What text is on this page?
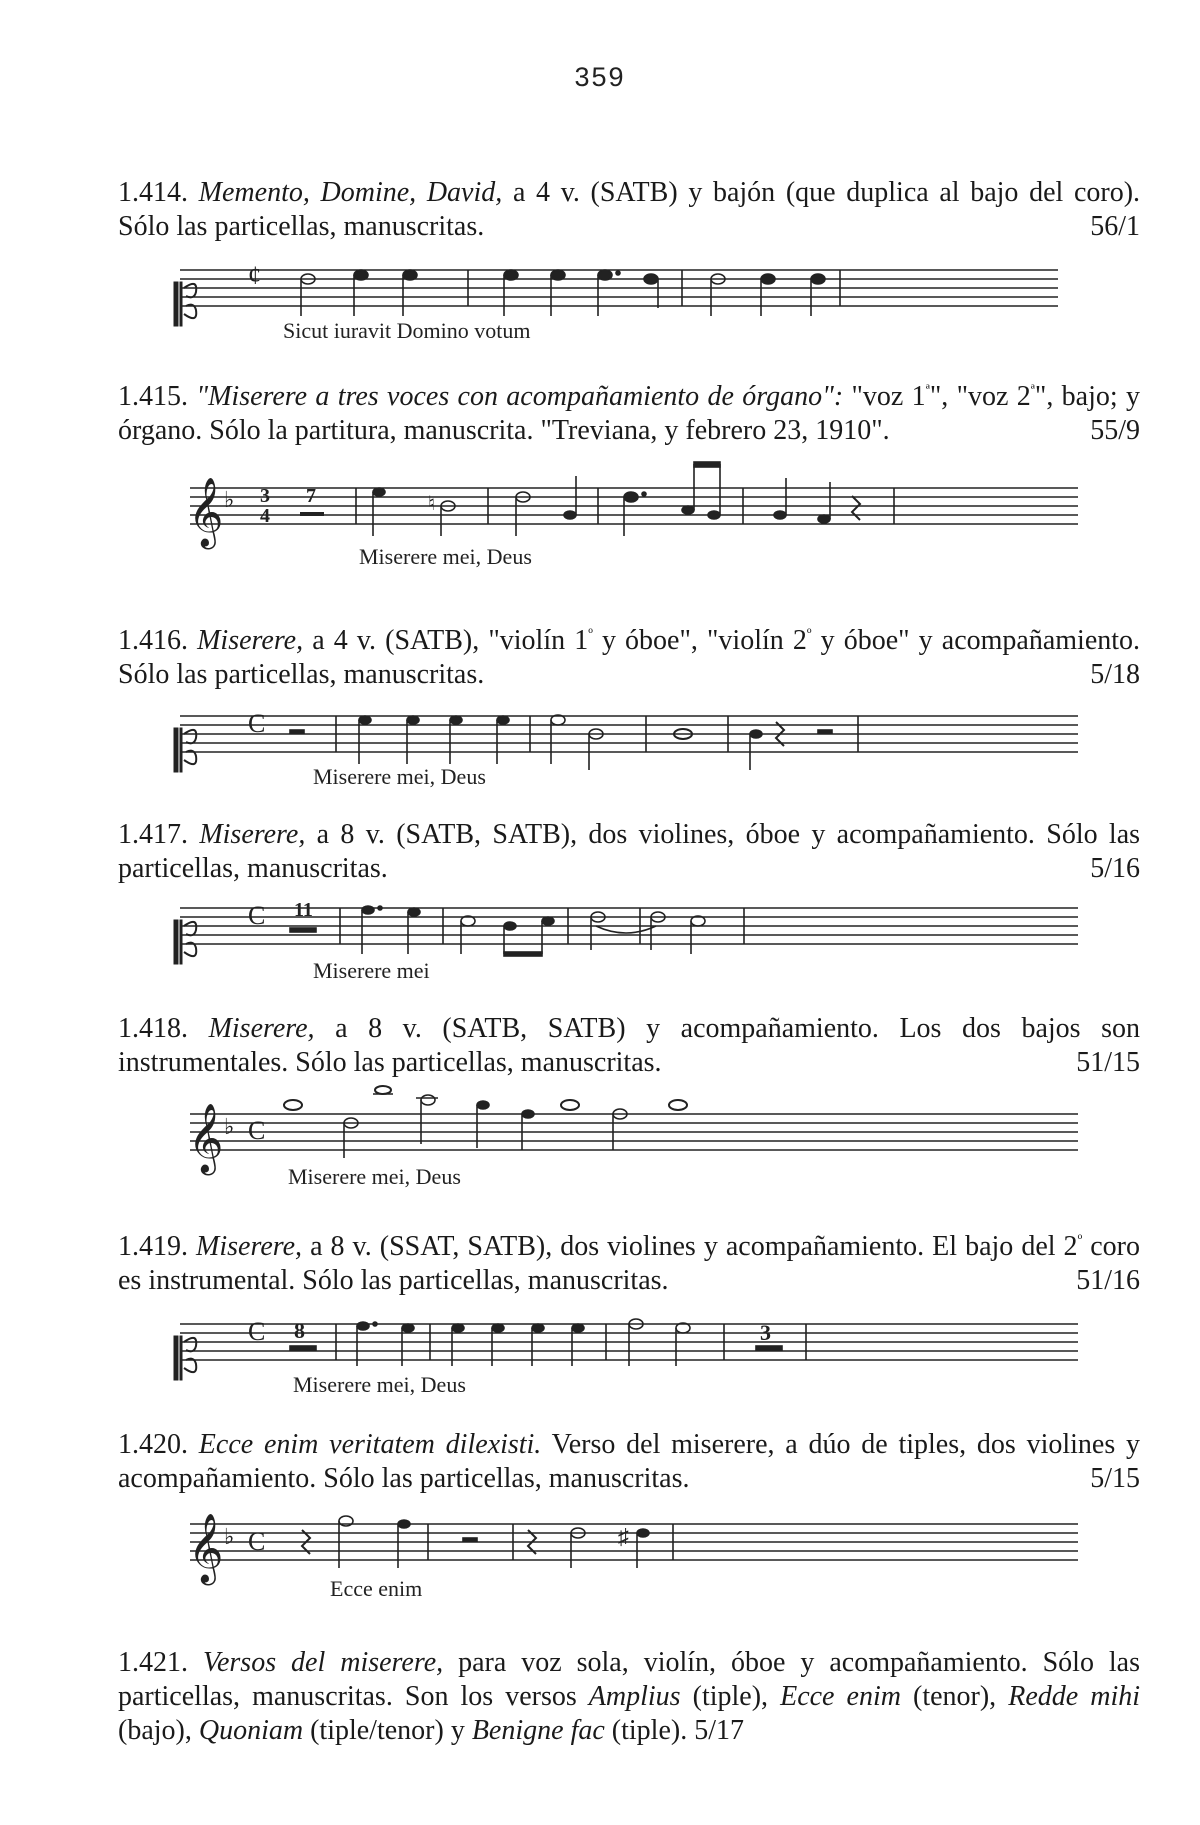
359

1.414. Memento, Domine, David, a 4 v. (SATB) y bajón (que duplica al bajo del coro). Sólo las particellas, manuscritas.	56/1

¢
Sicut iuravit Domino votum

1.415. "Miserere a tres voces con acompañamiento de órgano": "voz $1^ª$", "voz $2^ª$", bajo; y órgano. Sólo la partitura, manuscrita. "Treviana, y febrero 23, 1910".	55/9

𝄞 ♭ 3
4
7	♮
Miserere mei, Deus

1.416. Miserere, a 4 v. (SATB), "violín $1^º$ y óboe", "violín $2^º$ y óboe" y acompañamiento. Sólo las particellas, manuscritas.	5/18

C
Miserere mei, Deus

1.417. Miserere, a 8 v. (SATB, SATB), dos violines, óboe y acompañamiento. Sólo las particellas, manuscritas.	5/16

C 11
Miserere mei

1.418. Miserere, a 8 v. (SATB, SATB) y acompañamiento. Los dos bajos son instrumentales. Sólo las particellas, manuscritas.	51/15

𝄞 ♭ C
Miserere mei, Deus

1.419. Miserere, a 8 v. (SSAT, SATB), dos violines y acompañamiento. El bajo del $2^º$ coro es instrumental. Sólo las particellas, manuscritas.	51/16

C 8	3
Miserere mei, Deus

1.420. Ecce enim veritatem dilexisti. Verso del miserere, a dúo de tiples, dos violines y acompañamiento. Sólo las particellas, manuscritas.	5/15

𝄞 ♭ C	♯
Ecce enim

1.421. Versos del miserere, para voz sola, violín, óboe y acompañamiento. Sólo las particellas, manuscritas. Son los versos Amplius (tiple), Ecce enim (tenor), Redde mihi (bajo), Quoniam (tiple/tenor) y Benigne fac (tiple). 5/17
